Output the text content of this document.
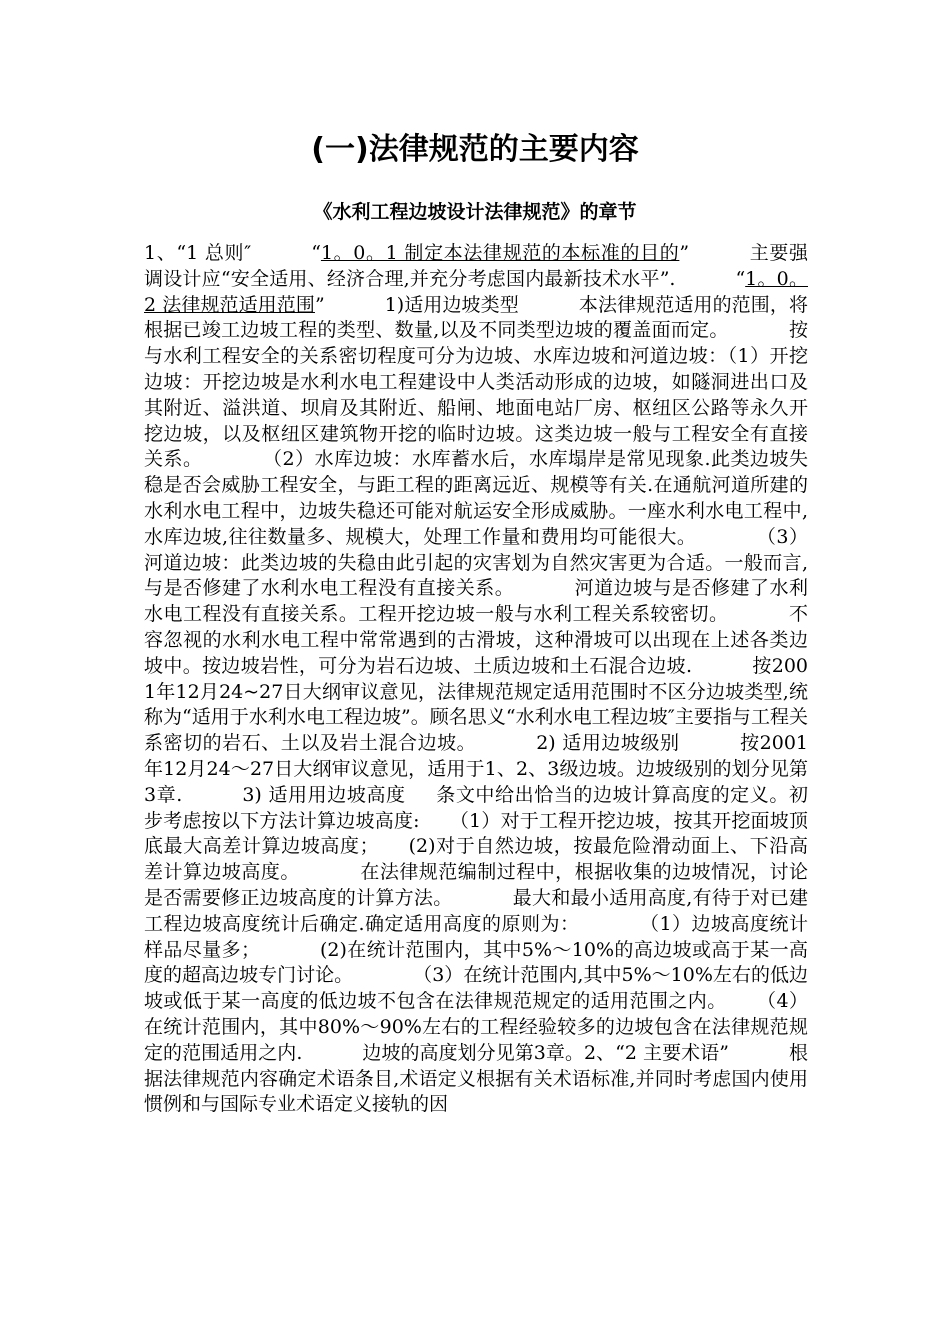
(一)法律规范的主要内容
《水利工程边坡设计法律规范》的章节

1、“1 总则″	“1。0。1 制定本法律规范的本标准的目的”	主要强调设计应“安全适用、经济合理,并充分考虑国内最新技术水平”.	“1。0。2 法律规范适用范围”	1)适用边坡类型	本法律规范适用的范围，将根据已竣工边坡工程的类型、数量,以及不同类型边坡的覆盖面而定。	按与水利工程安全的关系密切程度可分为边坡、水库边坡和河道边坡：（1）开挖边坡：开挖边坡是水利水电工程建设中人类活动形成的边坡，如隧洞进出口及其附近、溢洪道、坝肩及其附近、船闸、地面电站厂房、枢纽区公路等永久开挖边坡，以及枢纽区建筑物开挖的临时边坡。这类边坡一般与工程安全有直接关系。	（2）水库边坡：水库蓄水后，水库塌岸是常见现象.此类边坡失稳是否会威胁工程安全，与距工程的距离远近、规模等有关.在通航河道所建的水利水电工程中，边坡失稳还可能对航运安全形成威胁。一座水利水电工程中,水库边坡,往往数量多、规模大，处理工作量和费用均可能很大。	（3）河道边坡：此类边坡的失稳由此引起的灾害划为自然灾害更为合适。一般而言,与是否修建了水利水电工程没有直接关系。	河道边坡与是否修建了水利水电工程没有直接关系。工程开挖边坡一般与水利工程关系较密切。	不容忽视的水利水电工程中常常遇到的古滑坡，这种滑坡可以出现在上述各类边坡中。按边坡岩性，可分为岩石边坡、土质边坡和土石混合边坡.	按2001年12月24~27日大纲审议意见，法律规范规定适用范围时不区分边坡类型,统称为“适用于水利水电工程边坡”。顾名思义“水利水电工程边坡″主要指与工程关系密切的岩石、土以及岩土混合边坡。	2) 适用边坡级别	按2001年12月24～27日大纲审议意见，适用于1、2、3级边坡。边坡级别的划分见第3章.	3) 适用用边坡高度 条文中给出恰当的边坡计算高度的定义。初步考虑按以下方法计算边坡高度: （1）对于工程开挖边坡，按其开挖面坡顶底最大高差计算边坡高度； (2)对于自然边坡，按最危险滑动面上、下沿高差计算边坡高度。	在法律规范编制过程中，根据收集的边坡情况，讨论是否需要修正边坡高度的计算方法。	最大和最小适用高度,有待于对已建工程边坡高度统计后确定.确定适用高度的原则为：	（1）边坡高度统计样品尽量多；	(2)在统计范围内，其中5%～10%的高边坡或高于某一高度的超高边坡专门讨论。	（3）在统计范围内,其中5%～10%左右的低边坡或低于某一高度的低边坡不包含在法律规范规定的适用范围之内。 （4）在统计范围内，其中80%～90%左右的工程经验较多的边坡包含在法律规范规定的范围适用之内.	边坡的高度划分见第3章。2、“2 主要术语”	根据法律规范内容确定术语条目,术语定义根据有关术语标准,并同时考虑国内使用惯例和与国际专业术语定义接轨的因
